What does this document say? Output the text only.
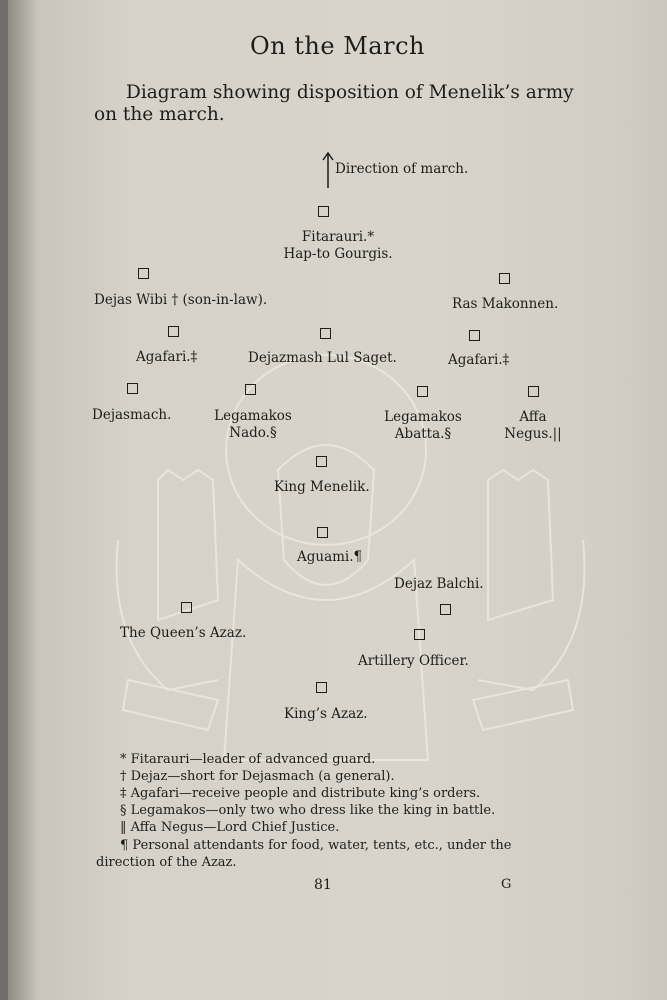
On the March
Diagram showing disposition of Menelik’s army on the march.
Direction of march.
Fitarauri.*
Hap-to Gourgis.
Dejas Wibi † (son-in-law).	Ras Makonnen.
Agafari.‡	Dejazmash Lul Saget.	Agafari.‡
Dejasmach.	Legamakos
Nado.§
Legamakos
Abatta.§
Affa
Negus.||
King Menelik.
Aguami.¶
Dejaz Balchi.
The Queen’s Azaz.
Artillery Officer.
King’s Azaz.
* Fitarauri—leader of advanced guard.
† Dejaz—short for Dejasmach (a general).
‡ Agafari—receive people and distribute king’s orders.
§ Legamakos—only two who dress like the king in battle.
‖ Affa Negus—Lord Chief Justice.
¶ Personal attendants for food, water, tents, etc., under the
direction of the Azaz.
81	G
